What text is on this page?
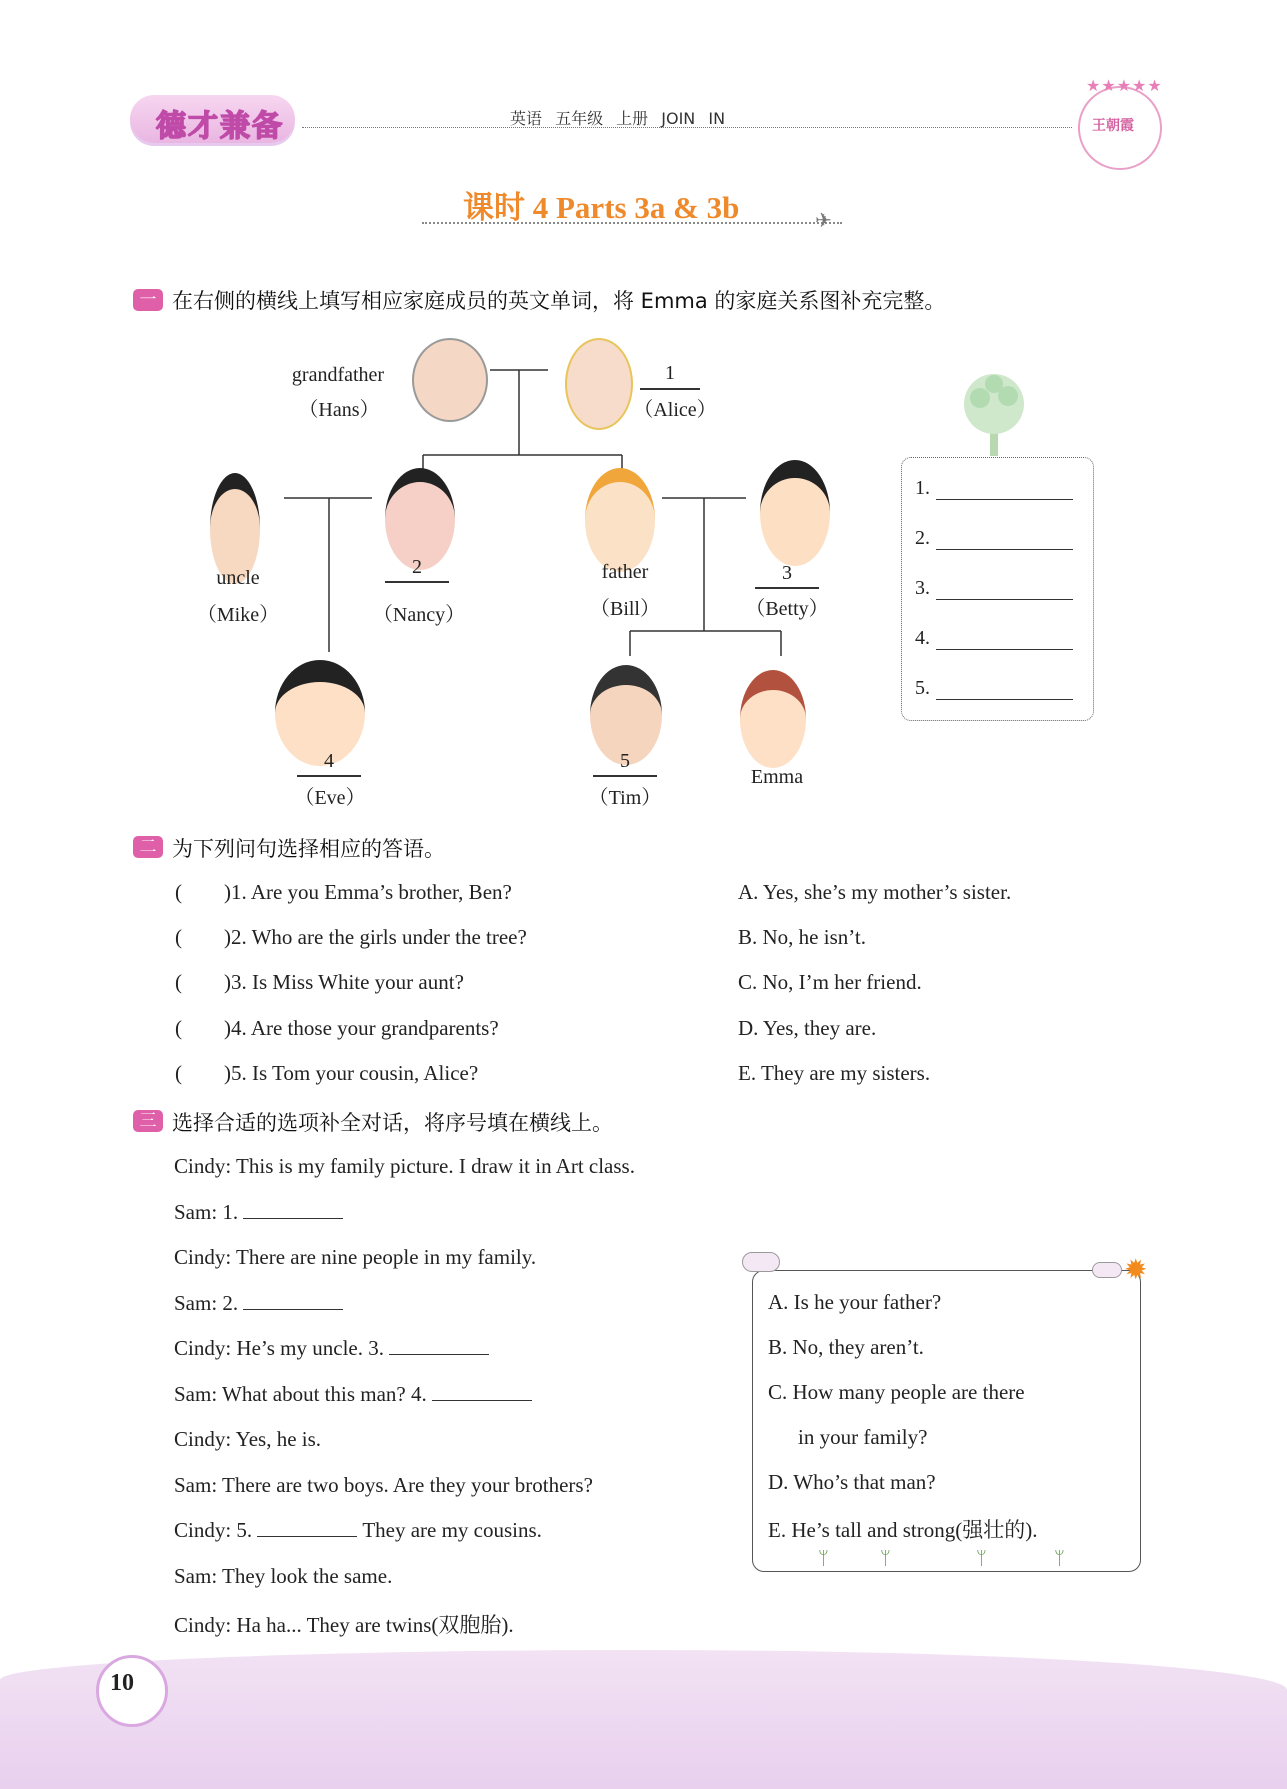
德才兼备	英语 五年级 上册 JOIN IN
★★★★★
王朝霞
课时 4 Parts 3a & 3b	✈
一 在右侧的横线上填写相应家庭成员的英文单词，将 Emma 的家庭关系图补充完整。
grandfather
（Hans）
1
（Alice）
uncle
（Mike）
2
（Nancy）
father
（Bill）
3
（Betty）
4
（Eve）
5
（Tim）
Emma
1.
2.
3.
4.
5.
二 为下列问句选择相应的答语。
(        )1. Are you Emma’s brother, Ben?
(        )2. Who are the girls under the tree?
(        )3. Is Miss White your aunt?
(        )4. Are those your grandparents?
(        )5. Is Tom your cousin, Alice?
A. Yes, she’s my mother’s sister.
B. No, he isn’t.
C. No, I’m her friend.
D. Yes, they are.
E. They are my sisters.
三 选择合适的选项补全对话，将序号填在横线上。
Cindy: This is my family picture. I draw it in Art class.
Sam: 1.
Cindy: There are nine people in my family.
Sam: 2.
Cindy: He’s my uncle. 3.
Sam: What about this man? 4.
Cindy: Yes, he is.
Sam: There are two boys. Are they your brothers?
Cindy: 5.	They are my cousins.
Sam: They look the same.
Cindy: Ha ha... They are twins(双胞胎).
✹
A. Is he your father?
B. No, they aren’t.
C. How many people are there
in your family?
D. Who’s that man?
E. He’s tall and strong(强壮的).
ᛘ	ᛘ	ᛘ	ᛘ
10
